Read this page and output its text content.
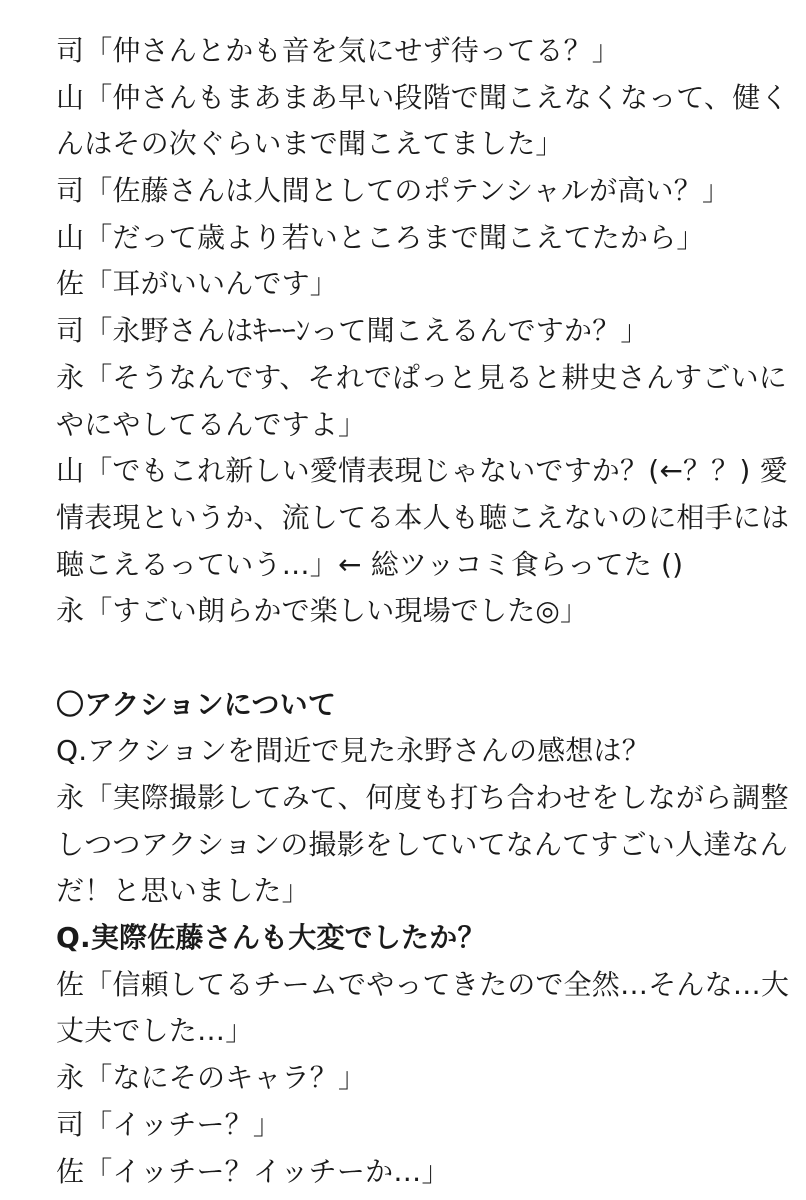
司「仲さんとかも音を気にせず待ってる？」
山「仲さんもまあまあ早い段階で聞こえなくなって、健く
んはその次ぐらいまで聞こえてました」
司「佐藤さんは人間としてのポテンシャルが高い？」
山「だって歳より若いところまで聞こえてたから」
佐「耳がいいんです」
司「永野さんはｷｰｰﾝって聞こえるんですか？」
永「そうなんです、それでぱっと見ると耕史さんすごいに
やにやしてるんですよ」
山「でもこれ新しい愛情表現じゃないですか？(←？？) 愛
情表現というか、流してる本人も聴こえないのに相手には
聴こえるっていう…」← 総ツッコミ食らってた ()
永「すごい朗らかで楽しい現場でした◎」
〇アクションについて
Q.アクションを間近で見た永野さんの感想は？
永「実際撮影してみて、何度も打ち合わせをしながら調整
しつつアクションの撮影をしていてなんてすごい人達なん
だ！と思いました」
Q.実際佐藤さんも大変でしたか？
佐「信頼してるチームでやってきたので全然…そんな…大
丈夫でした…」
永「なにそのキャラ？」
司「イッチー？」
佐「イッチー？イッチーか…」
